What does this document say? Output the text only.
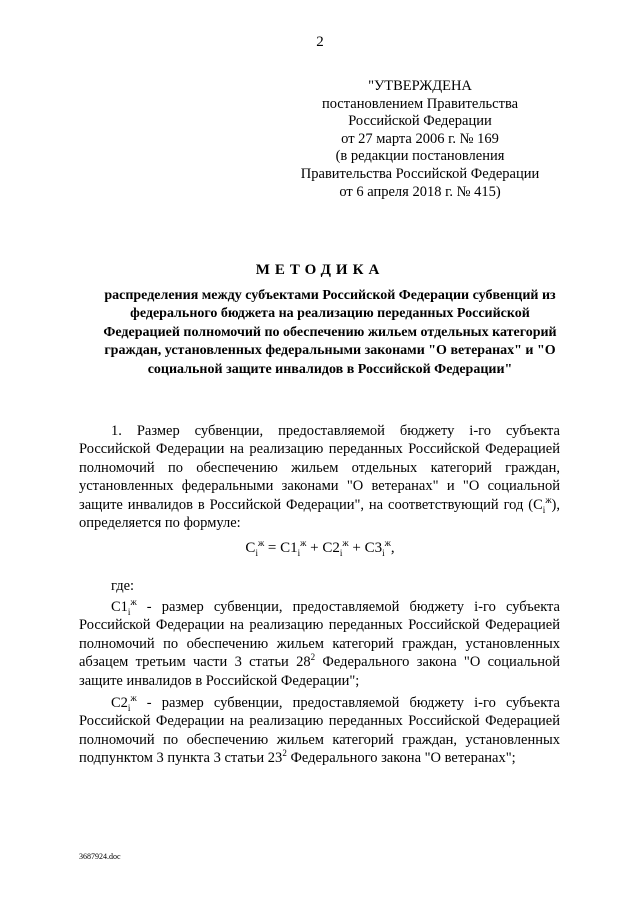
2
"УТВЕРЖДЕНА
постановлением Правительства
Российской Федерации
от 27 марта 2006 г. № 169
(в редакции постановления
Правительства Российской Федерации
от 6 апреля 2018 г. № 415)
МЕТОДИКА
распределения между субъектами Российской Федерации субвенций из федерального бюджета на реализацию переданных Российской Федерацией полномочий по обеспечению жильем отдельных категорий граждан, установленных федеральными законами "О ветеранах" и "О социальной защите инвалидов в Российской Федерации"
1. Размер субвенции, предоставляемой бюджету i-го субъекта Российской Федерации на реализацию переданных Российской Федерацией полномочий по обеспечению жильем отдельных категорий граждан, установленных федеральными законами "О ветеранах" и "О социальной защите инвалидов в Российской Федерации", на соответствующий год $(C_i^ж)$, определяется по формуле:
$C_i^ж = C1_i^ж + C2_i^ж + C3_i^ж$,
где:
$C1_i^ж$ - размер субвенции, предоставляемой бюджету i-го субъекта Российской Федерации на реализацию переданных Российской Федерацией полномочий по обеспечению жильем категорий граждан, установленных абзацем третьим части 3 статьи $28^2$ Федерального закона "О социальной защите инвалидов в Российской Федерации";
$C2_i^ж$ - размер субвенции, предоставляемой бюджету i-го субъекта Российской Федерации на реализацию переданных Российской Федерацией полномочий по обеспечению жильем категорий граждан, установленных подпунктом 3 пункта 3 статьи $23^2$ Федерального закона "О ветеранах";
3687924.doc
